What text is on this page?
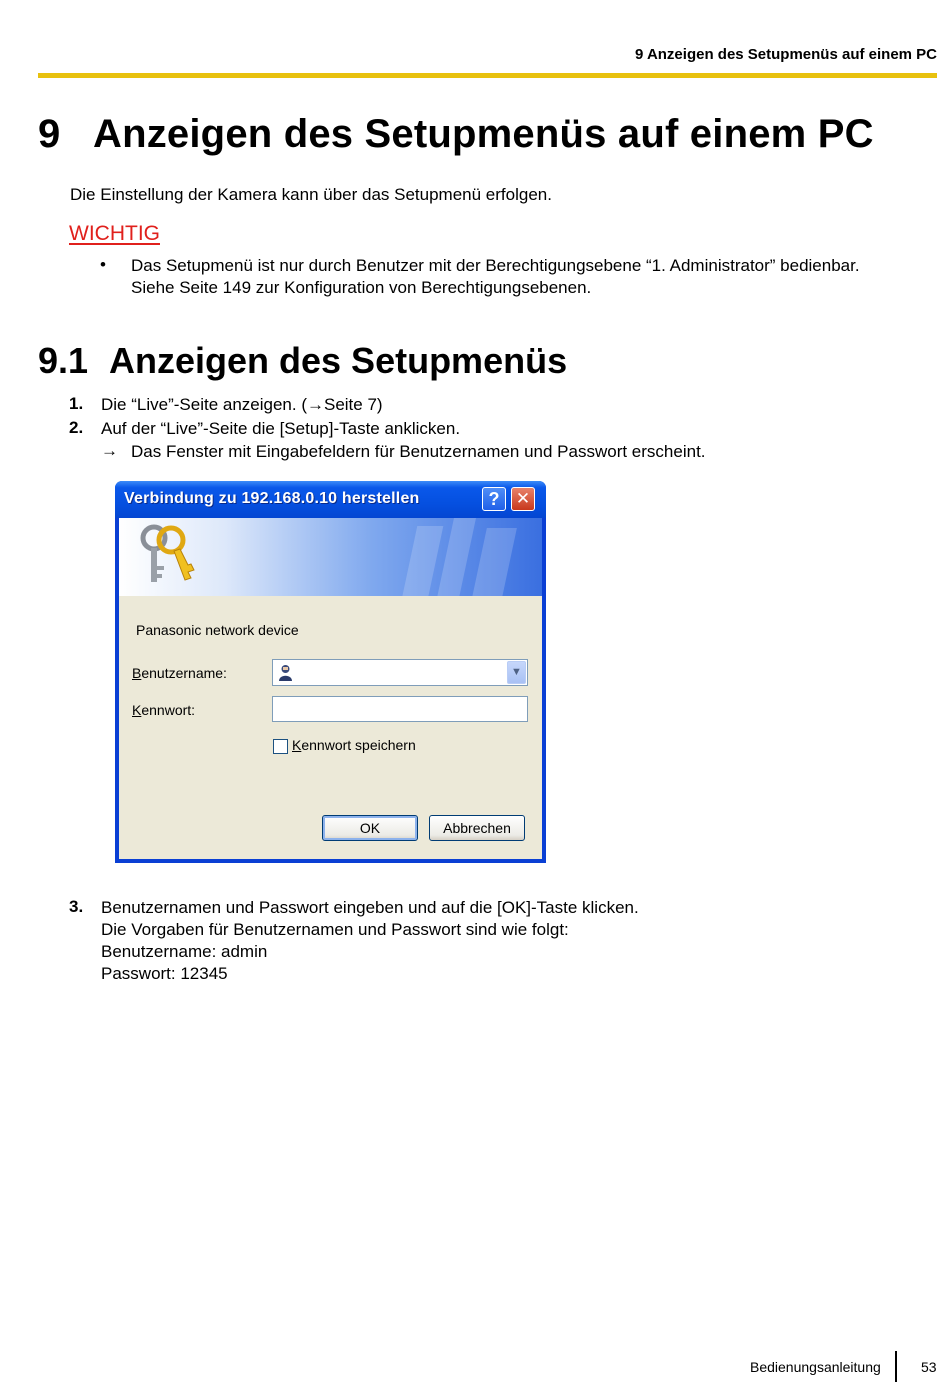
9 Anzeigen des Setupmenüs auf einem PC
9 Anzeigen des Setupmenüs auf einem PC
Die Einstellung der Kamera kann über das Setupmenü erfolgen.
WICHTIG
• Das Setupmenü ist nur durch Benutzer mit der Berechtigungsebene “1. Administrator” bedienbar.
Siehe Seite 149 zur Konfiguration von Berechtigungsebenen.
9.1 Anzeigen des Setupmenüs
1. Die “Live”-Seite anzeigen. (→Seite 7)
2. Auf der “Live”-Seite die [Setup]-Taste anklicken.
→ Das Fenster mit Eingabefeldern für Benutzernamen und Passwort erscheint.
Verbindung zu 192.168.0.10 herstellen	? ✕
Panasonic network device
Benutzername:	▼
Kennwort:
Kennwort speichern
OK	Abbrechen
3. Benutzernamen und Passwort eingeben und auf die [OK]-Taste klicken.
Die Vorgaben für Benutzernamen und Passwort sind wie folgt:
Benutzername: admin
Passwort: 12345
Bedienungsanleitung	53
